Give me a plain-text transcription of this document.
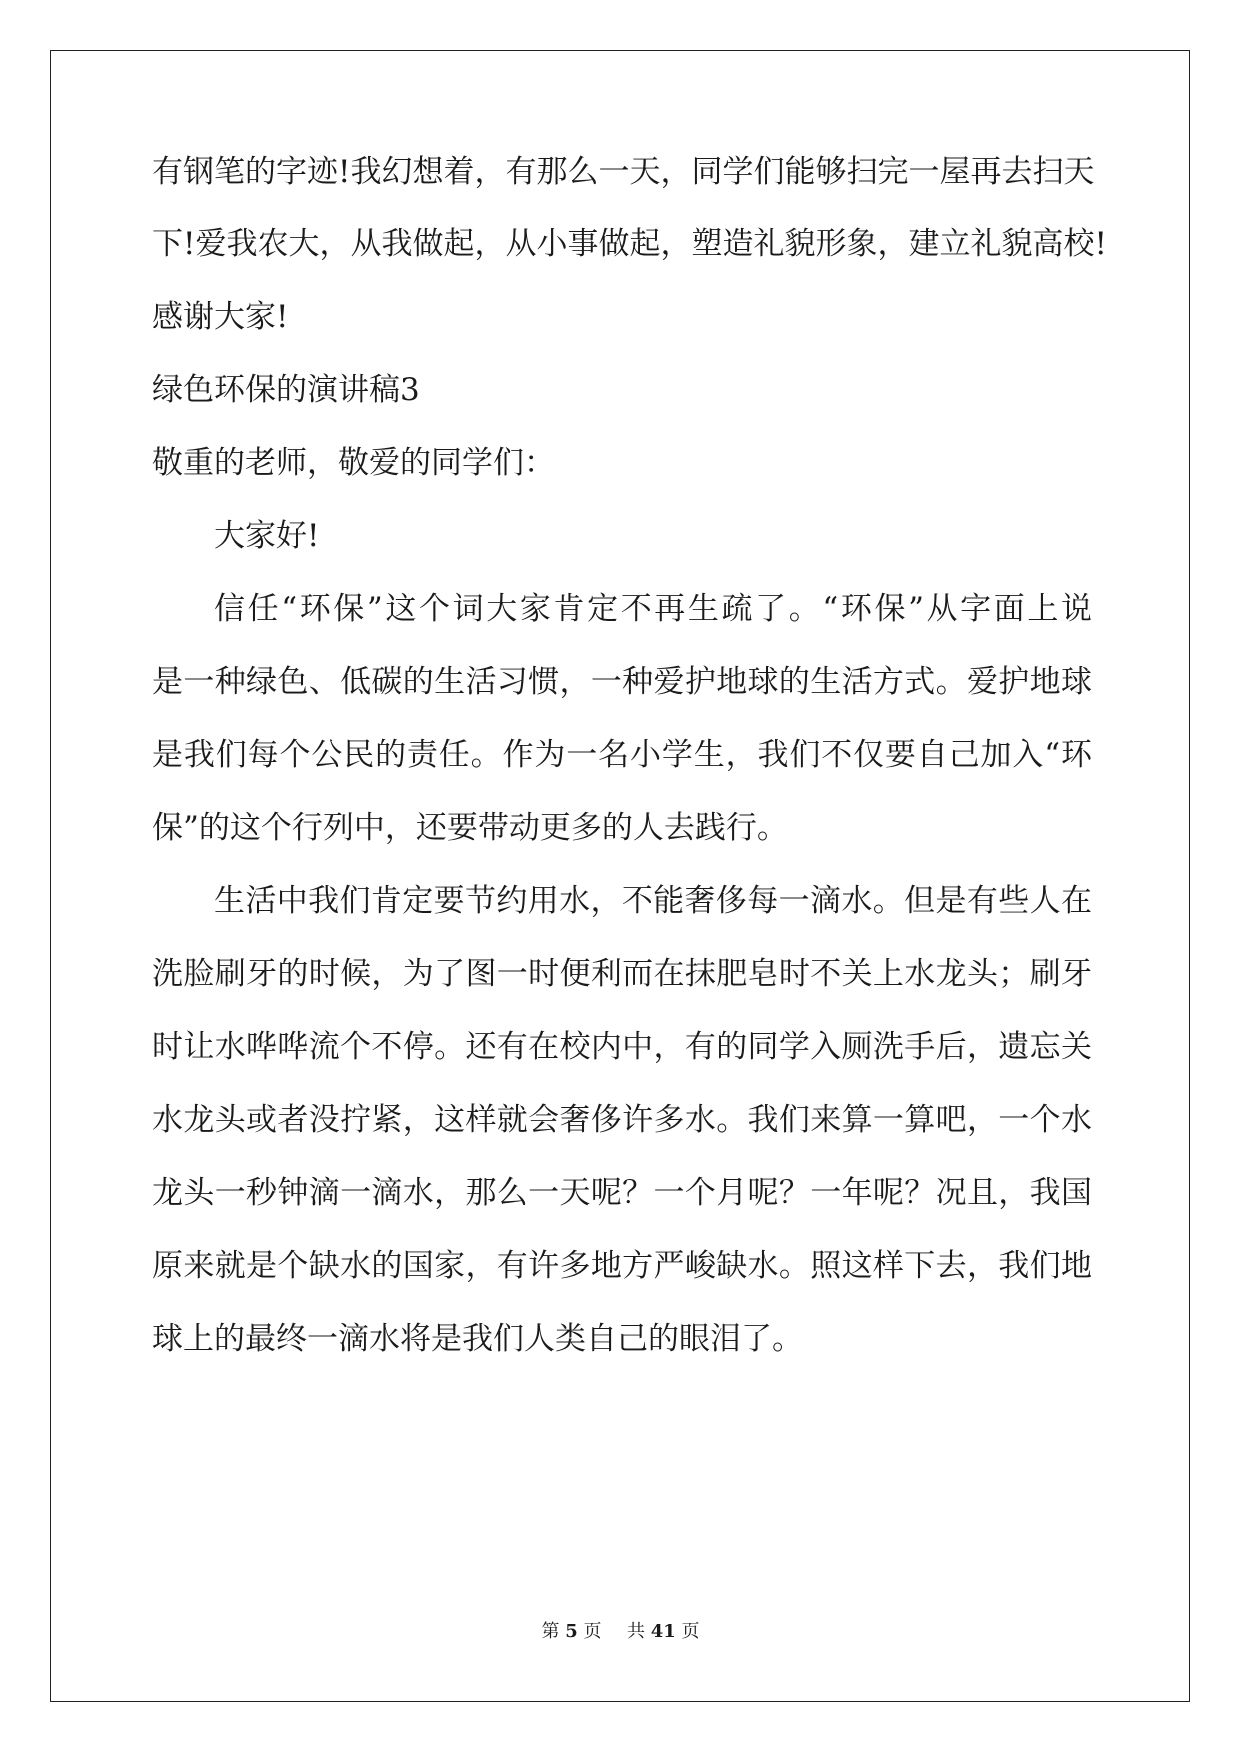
有钢笔的字迹!我幻想着，有那么一天，同学们能够扫完一屋再去扫天
下!爱我农大，从我做起，从小事做起，塑造礼貌形象，建立礼貌高校!
感谢大家!
绿色环保的演讲稿3
敬重的老师，敬爱的同学们：
大家好!
信任“环保”这个词大家肯定不再生疏了。“环保”从字面上说
是一种绿色、低碳的生活习惯，一种爱护地球的生活方式。爱护地球
是我们每个公民的责任。作为一名小学生，我们不仅要自己加入“环
保”的这个行列中，还要带动更多的人去践行。
生活中我们肯定要节约用水，不能奢侈每一滴水。但是有些人在
洗脸刷牙的时候，为了图一时便利而在抹肥皂时不关上水龙头；刷牙
时让水哗哗流个不停。还有在校内中，有的同学入厕洗手后，遗忘关
水龙头或者没拧紧，这样就会奢侈许多水。我们来算一算吧，一个水
龙头一秒钟滴一滴水，那么一天呢？一个月呢？一年呢？况且，我国
原来就是个缺水的国家，有许多地方严峻缺水。照这样下去，我们地
球上的最终一滴水将是我们人类自己的眼泪了。
第 5 页 共 41 页
